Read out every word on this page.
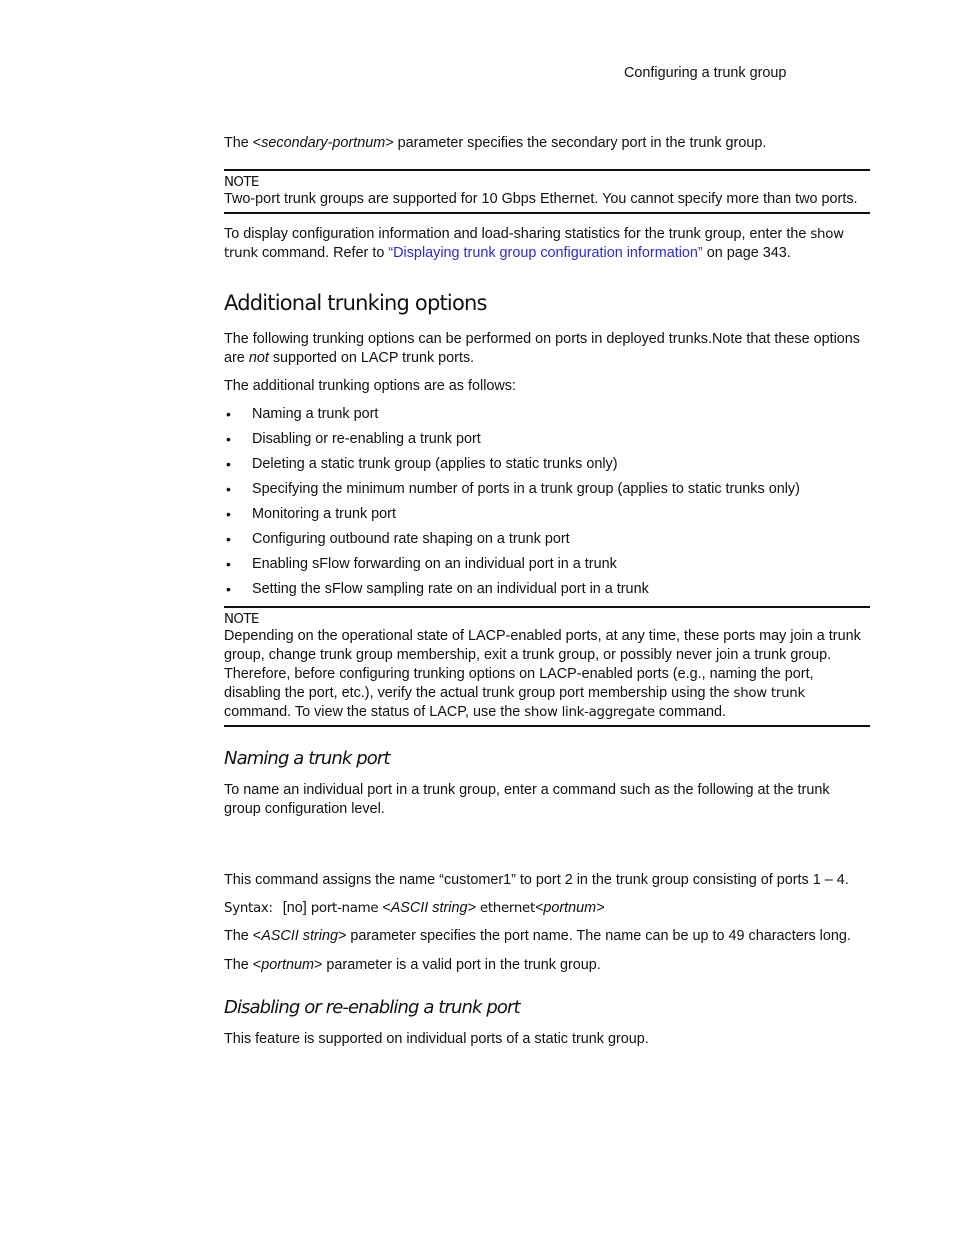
Configuring a trunk group

The <secondary-portnum> parameter specifies the secondary port in the trunk group.

NOTE
Two-port trunk groups are supported for 10 Gbps Ethernet. You cannot specify more than two ports.

To display configuration information and load-sharing statistics for the trunk group, enter the show trunk command. Refer to “Displaying trunk group configuration information” on page 343.

Additional trunking options

The following trunking options can be performed on ports in deployed trunks.Note that these options are not supported on LACP trunk ports.

The additional trunking options are as follows:

• Naming a trunk port
• Disabling or re-enabling a trunk port
• Deleting a static trunk group (applies to static trunks only)
• Specifying the minimum number of ports in a trunk group (applies to static trunks only)
• Monitoring a trunk port
• Configuring outbound rate shaping on a trunk port
• Enabling sFlow forwarding on an individual port in a trunk
• Setting the sFlow sampling rate on an individual port in a trunk
NOTE
Depending on the operational state of LACP-enabled ports, at any time, these ports may join a trunk group, change trunk group membership, exit a trunk group, or possibly never join a trunk group. Therefore, before configuring trunking options on LACP-enabled ports (e.g., naming the port, disabling the port, etc.), verify the actual trunk group port membership using the show trunk command. To view the status of LACP, use the show link-aggregate command.
Naming a trunk port

To name an individual port in a trunk group, enter a command such as the following at the trunk group configuration level.

This command assigns the name “customer1” to port 2 in the trunk group consisting of ports 1 – 4.

Syntax: [no] port-name <ASCII string> ethernet<portnum>

The <ASCII string> parameter specifies the port name. The name can be up to 49 characters long.

The <portnum> parameter is a valid port in the trunk group.

Disabling or re-enabling a trunk port

This feature is supported on individual ports of a static trunk group.
